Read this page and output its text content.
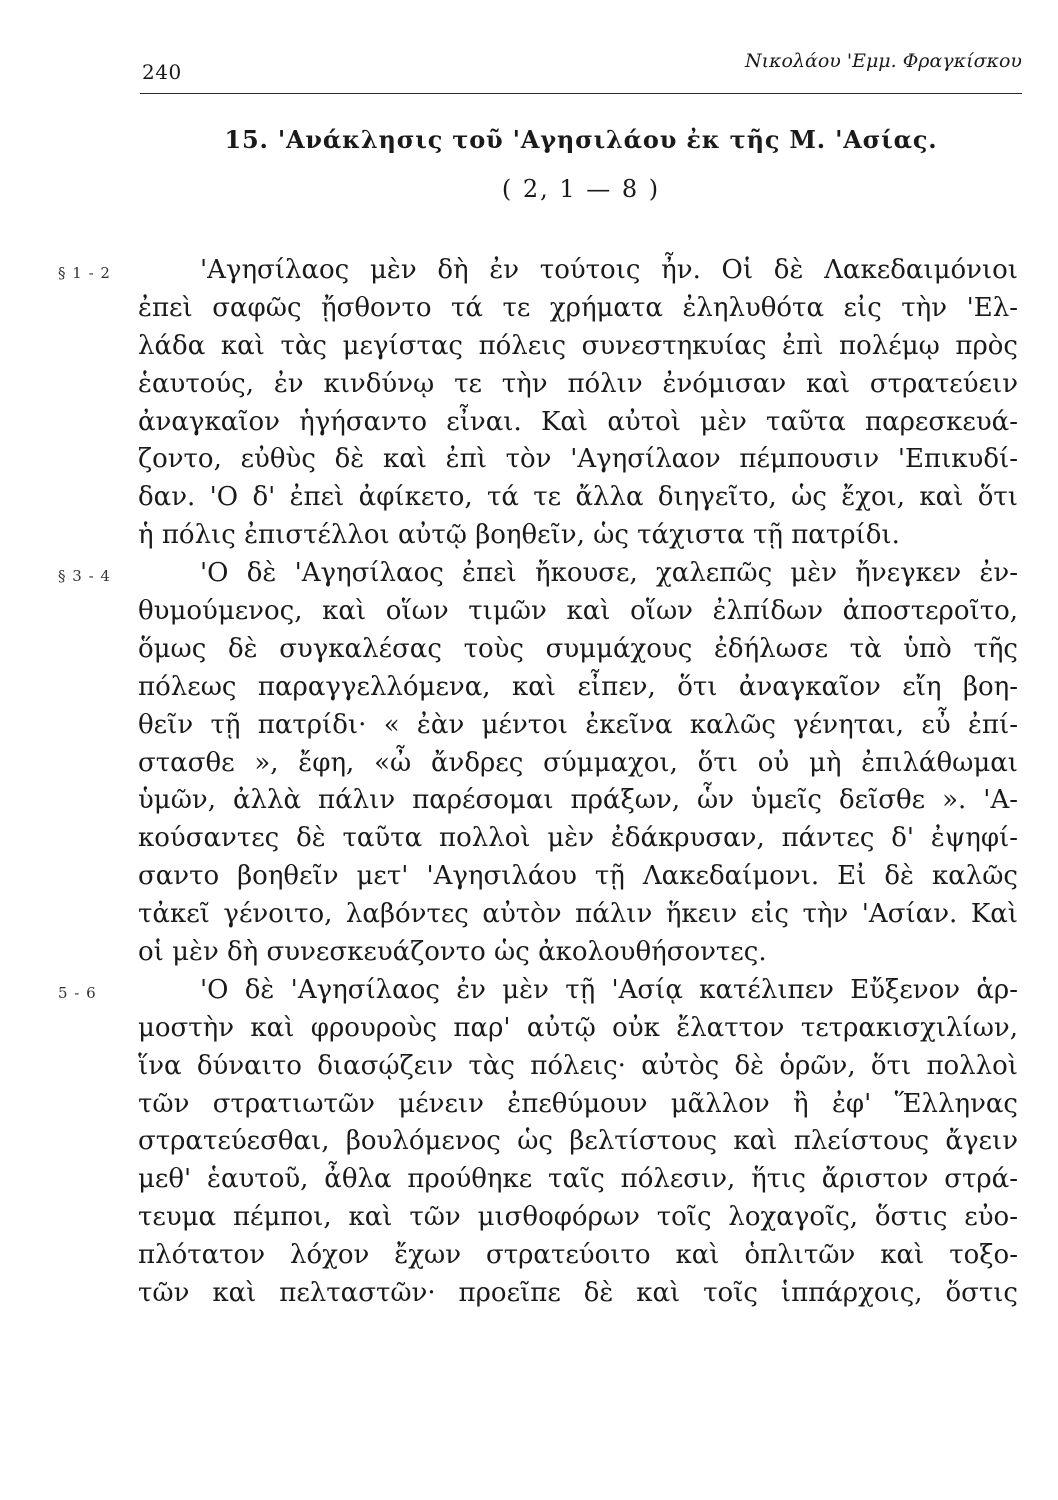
240	Νικολάου 'Εμμ. Φραγκίσκου
15. 'Ανάκλησις τοῦ 'Αγησιλάου ἐκ τῆς Μ. 'Ασίας.
( 2, 1 — 8 )
§ 1 - 2	'Αγησίλαος μὲν δὴ ἐν τούτοις ἦν. Οἱ δὲ Λακεδαιμόνιοι
ἐπεὶ σαφῶς ᾔσθοντο τά τε χρήματα ἐληλυθότα εἰς τὴν 'Ελ-
λάδα καὶ τὰς μεγίστας πόλεις συνεστηκυίας ἐπὶ πολέμῳ πρὸς
ἑαυτούς, ἐν κινδύνῳ τε τὴν πόλιν ἐνόμισαν καὶ στρατεύειν
ἀναγκαῖον ἡγήσαντο εἶναι. Καὶ αὐτοὶ μὲν ταῦτα παρεσκευά-
ζοντο, εὐθὺς δὲ καὶ ἐπὶ τὸν 'Αγησίλαον πέμπουσιν 'Επικυδί-
δαν. 'Ο δ' ἐπεὶ ἀφίκετο, τά τε ἄλλα διηγεῖτο, ὡς ἔχοι, καὶ ὅτι
ἡ πόλις ἐπιστέλλοι αὐτῷ βοηθεῖν, ὡς τάχιστα τῇ πατρίδι.
§ 3 - 4	'Ο δὲ 'Αγησίλαος ἐπεὶ ἤκουσε, χαλεπῶς μὲν ἤνεγκεν ἐν-
θυμούμενος, καὶ οἵων τιμῶν καὶ οἵων ἐλπίδων ἀποστεροῖτο,
ὅμως δὲ συγκαλέσας τοὺς συμμάχους ἐδήλωσε τὰ ὑπὸ τῆς
πόλεως παραγγελλόμενα, καὶ εἶπεν, ὅτι ἀναγκαῖον εἴη βοη-
θεῖν τῇ πατρίδι· « ἐὰν μέντοι ἐκεῖνα καλῶς γένηται, εὖ ἐπί-
στασθε », ἔφη, «ὦ ἄνδρες σύμμαχοι, ὅτι οὐ μὴ ἐπιλάθωμαι
ὑμῶν, ἀλλὰ πάλιν παρέσομαι πράξων, ὧν ὑμεῖς δεῖσθε ». 'Α-
κούσαντες δὲ ταῦτα πολλοὶ μὲν ἐδάκρυσαν, πάντες δ' ἐψηφί-
σαντο βοηθεῖν μετ' 'Αγησιλάου τῇ Λακεδαίμονι. Εἰ δὲ καλῶς
τἀκεῖ γένοιτο, λαβόντες αὐτὸν πάλιν ἥκειν εἰς τὴν 'Ασίαν. Καὶ
οἱ μὲν δὴ συνεσκευάζοντο ὡς ἀκολουθήσοντες.
5 - 6	'Ο δὲ 'Αγησίλαος ἐν μὲν τῇ 'Ασίᾳ κατέλιπεν Εὔξενον ἁρ-
μοστὴν καὶ φρουροὺς παρ' αὐτῷ οὐκ ἔλαττον τετρακισχιλίων,
ἵνα δύναιτο διασῴζειν τὰς πόλεις· αὐτὸς δὲ ὁρῶν, ὅτι πολλοὶ
τῶν στρατιωτῶν μένειν ἐπεθύμουν μᾶλλον ἢ ἐφ' Ἕλληνας
στρατεύεσθαι, βουλόμενος ὡς βελτίστους καὶ πλείστους ἄγειν
μεθ' ἑαυτοῦ, ἆθλα προύθηκε ταῖς πόλεσιν, ἥτις ἄριστον στρά-
τευμα πέμποι, καὶ τῶν μισθοφόρων τοῖς λοχαγοῖς, ὅστις εὐο-
πλότατον λόχον ἔχων στρατεύοιτο καὶ ὁπλιτῶν καὶ τοξο-
τῶν καὶ πελταστῶν· προεῖπε δὲ καὶ τοῖς ἱππάρχοις, ὅστις
